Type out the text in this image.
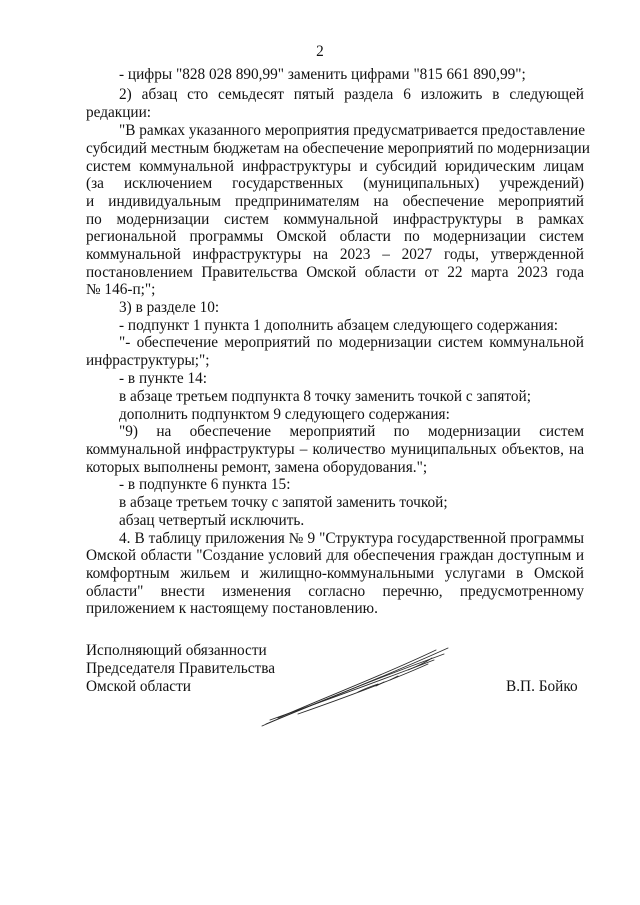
2
- цифры "828 028 890,99" заменить цифрами "815 661 890,99";
2) абзац сто семьдесят пятый раздела 6 изложить в следующей
редакции:
"В рамках указанного мероприятия предусматривается предоставление
субсидий местным бюджетам на обеспечение мероприятий по модернизации
систем коммунальной инфраструктуры и субсидий юридическим лицам
(за исключением государственных (муниципальных) учреждений)
и индивидуальным предпринимателям на обеспечение мероприятий
по модернизации систем коммунальной инфраструктуры в рамках
региональной программы Омской области по модернизации систем
коммунальной инфраструктуры на 2023 – 2027 годы, утвержденной
постановлением Правительства Омской области от 22 марта 2023 года
№ 146-п;";
3) в разделе 10:
- подпункт 1 пункта 1 дополнить абзацем следующего содержания:
"- обеспечение мероприятий по модернизации систем коммунальной
инфраструктуры;";
- в пункте 14:
в абзаце третьем подпункта 8 точку заменить точкой с запятой;
дополнить подпунктом 9 следующего содержания:
"9) на обеспечение мероприятий по модернизации систем
коммунальной инфраструктуры – количество муниципальных объектов, на
которых выполнены ремонт, замена оборудования.";
- в подпункте 6 пункта 15:
в абзаце третьем точку с запятой заменить точкой;
абзац четвертый исключить.
4. В таблицу приложения № 9 "Структура государственной программы
Омской области "Создание условий для обеспечения граждан доступным и
комфортным жильем и жилищно-коммунальными услугами в Омской
области" внести изменения согласно перечню, предусмотренному
приложением к настоящему постановлению.
Исполняющий обязанности
Председателя Правительства
Омской области	В.П. Бойко
